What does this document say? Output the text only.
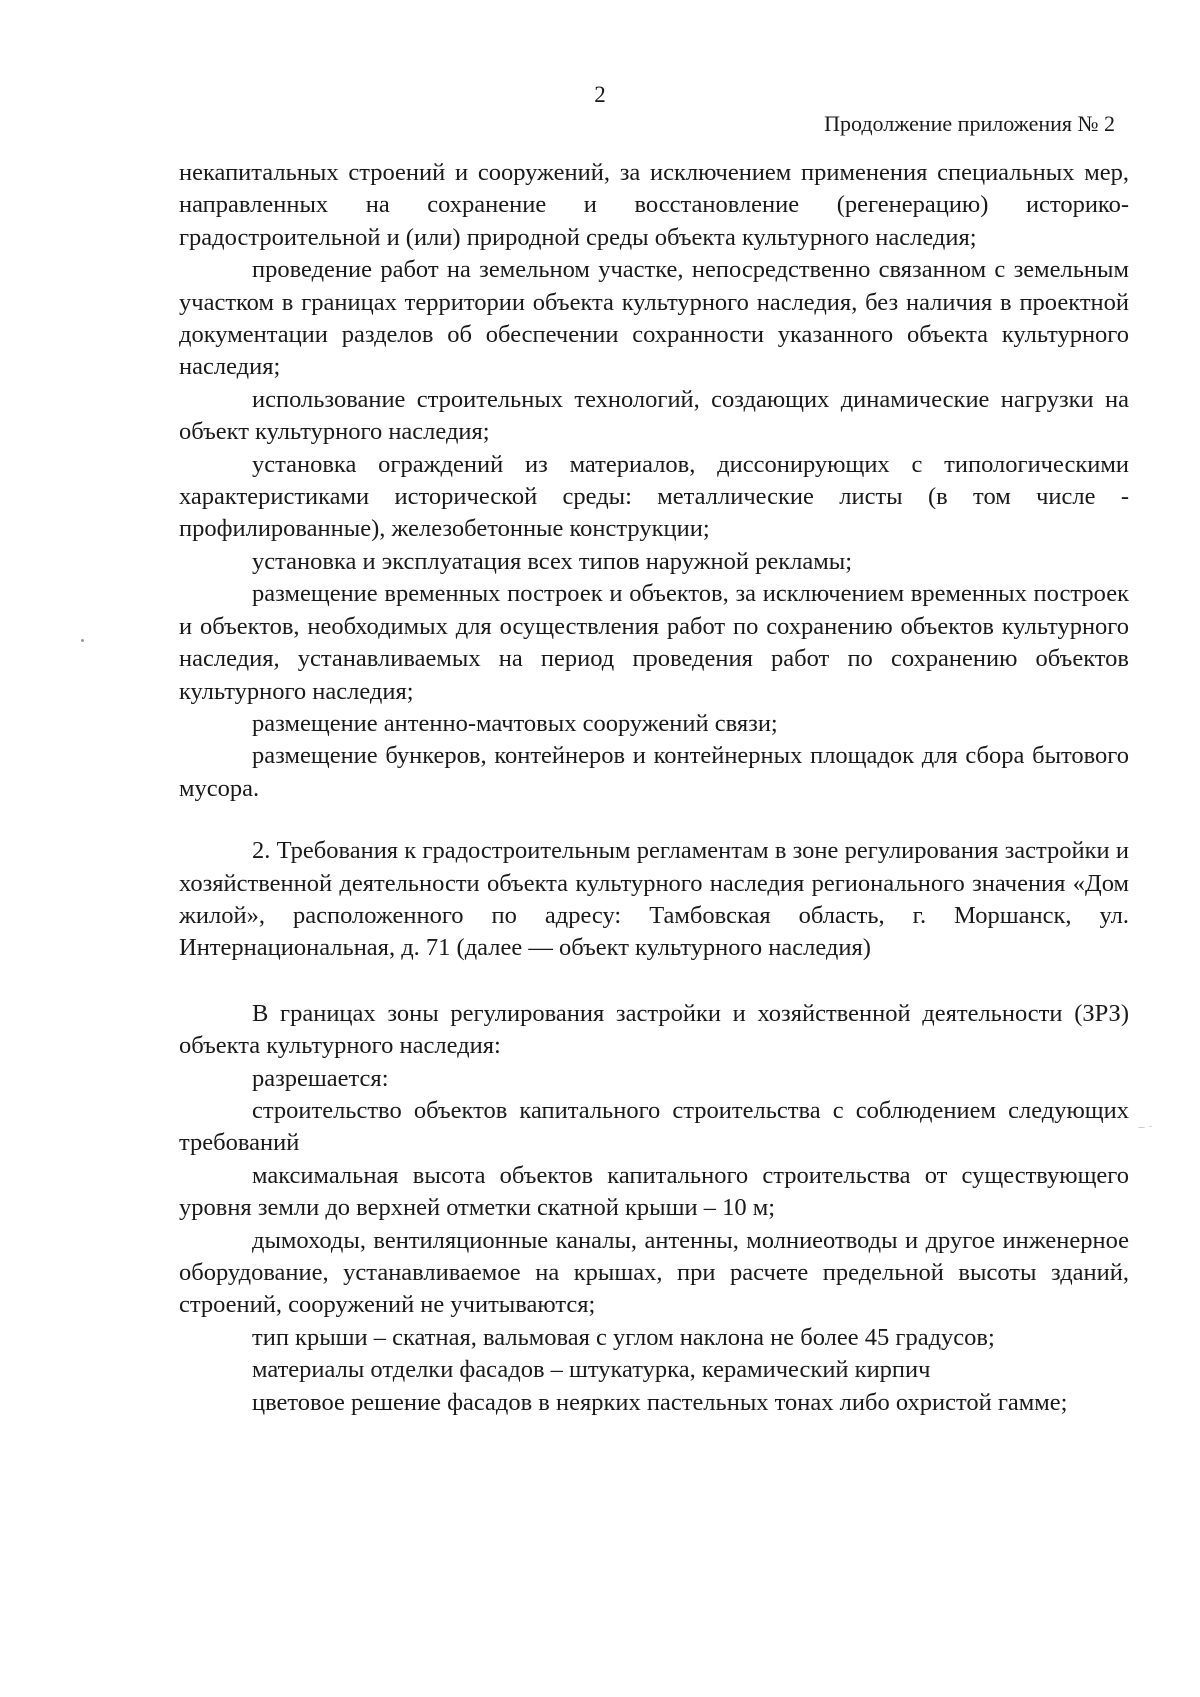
2
Продолжение приложения № 2

некапитальных строений и сооружений, за исключением применения специальных мер, направленных на сохранение и восстановление (регенерацию) историко-градостроительной и (или) природной среды объекта культурного наследия;

проведение работ на земельном участке, непосредственно связанном с земельным участком в границах территории объекта культурного наследия, без наличия в проектной документации разделов об обеспечении сохранности указанного объекта культурного наследия;

использование строительных технологий, создающих динамические нагрузки на объект культурного наследия;

установка ограждений из материалов, диссонирующих с типологическими характеристиками исторической среды: металлические листы (в том числе - профилированные), железобетонные конструкции;

установка и эксплуатация всех типов наружной рекламы;

размещение временных построек и объектов, за исключением временных построек и объектов, необходимых для осуществления работ по сохранению объектов культурного наследия, устанавливаемых на период проведения работ по сохранению объектов культурного наследия;

размещение антенно-мачтовых сооружений связи;

размещение бункеров, контейнеров и контейнерных площадок для сбора бытового мусора.

2. Требования к градостроительным регламентам в зоне регулирования застройки и хозяйственной деятельности объекта культурного наследия регионального значения «Дом жилой», расположенного по адресу: Тамбовская область, г. Моршанск, ул. Интернациональная, д. 71 (далее — объект культурного наследия)

В границах зоны регулирования застройки и хозяйственной деятельности (ЗРЗ) объекта культурного наследия:

разрешается:

строительство объектов капитального строительства с соблюдением следующих требований

максимальная высота объектов капитального строительства от существующего уровня земли до верхней отметки скатной крыши – 10 м;

дымоходы, вентиляционные каналы, антенны, молниеотводы и другое инженерное оборудование, устанавливаемое на крышах, при расчете предельной высоты зданий, строений, сооружений не учитываются;

тип крыши – скатная, вальмовая с углом наклона не более 45 градусов;

материалы отделки фасадов – штукатурка, керамический кирпич

цветовое решение фасадов в неярких пастельных тонах либо охристой гамме;
